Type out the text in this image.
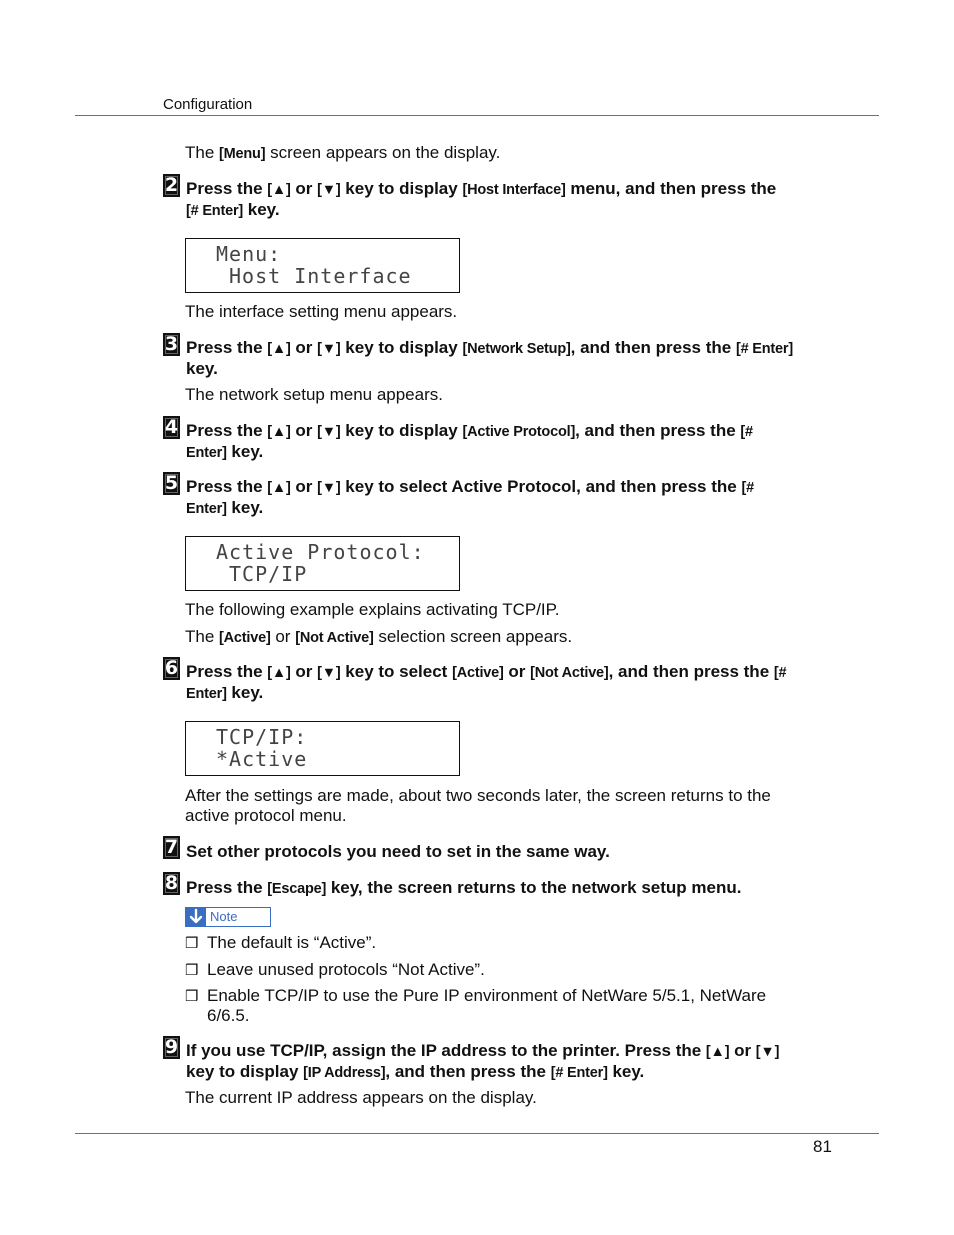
Configuration
The [Menu] screen appears on the display.
2 Press the [▲] or [▼] key to display [Host Interface] menu, and then press the [# Enter] key.
Menu:
Host Interface
The interface setting menu appears.
3 Press the [▲] or [▼] key to display [Network Setup], and then press the [# Enter] key.
The network setup menu appears.
4 Press the [▲] or [▼] key to display [Active Protocol], and then press the [# Enter] key.
5 Press the [▲] or [▼] key to select Active Protocol, and then press the [# Enter] key.
Active Protocol:
TCP/IP
The following example explains activating TCP/IP.
The [Active] or [Not Active] selection screen appears.
6 Press the [▲] or [▼] key to select [Active] or [Not Active], and then press the [# Enter] key.
TCP/IP:
*Active
After the settings are made, about two seconds later, the screen returns to the active protocol menu.
7 Set other protocols you need to set in the same way.
8 Press the [Escape] key, the screen returns to the network setup menu.
Note
❒ The default is “Active”.
❒ Leave unused protocols “Not Active”.
❒ Enable TCP/IP to use the Pure IP environment of NetWare 5/5.1, NetWare 6/6.5.
9 If you use TCP/IP, assign the IP address to the printer. Press the [▲] or [▼] key to display [IP Address], and then press the [# Enter] key.
The current IP address appears on the display.
81
